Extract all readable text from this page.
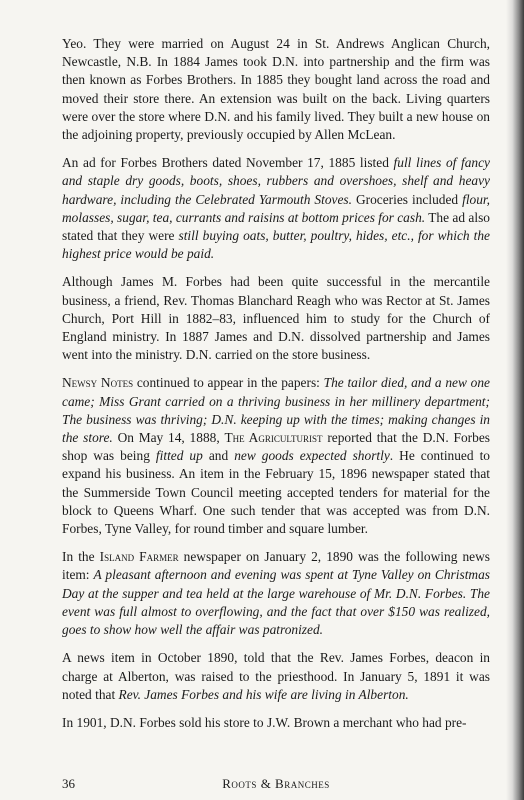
Yeo. They were married on August 24 in St. Andrews Anglican Church, Newcastle, N.B. In 1884 James took D.N. into partnership and the firm was then known as Forbes Brothers. In 1885 they bought land across the road and moved their store there. An extension was built on the back. Living quarters were over the store where D.N. and his family lived. They built a new house on the adjoining property, previously occupied by Allen McLean.

An ad for Forbes Brothers dated November 17, 1885 listed full lines of fancy and staple dry goods, boots, shoes, rubbers and overshoes, shelf and heavy hardware, including the Celebrated Yarmouth Stoves. Groceries included flour, molasses, sugar, tea, currants and raisins at bottom prices for cash. The ad also stated that they were still buying oats, butter, poultry, hides, etc., for which the highest price would be paid.

Although James M. Forbes had been quite successful in the mercantile business, a friend, Rev. Thomas Blanchard Reagh who was Rector at St. James Church, Port Hill in 1882–83, influenced him to study for the Church of England ministry. In 1887 James and D.N. dissolved partnership and James went into the ministry. D.N. carried on the store business.

Newsy Notes continued to appear in the papers: The tailor died, and a new one came; Miss Grant carried on a thriving business in her millinery department; The business was thriving; D.N. keeping up with the times; making changes in the store. On May 14, 1888, The Agriculturist reported that the D.N. Forbes shop was being fitted up and new goods expected shortly. He continued to expand his business. An item in the February 15, 1896 newspaper stated that the Summerside Town Council meeting accepted tenders for material for the block to Queens Wharf. One such tender that was accepted was from D.N. Forbes, Tyne Valley, for round timber and square lumber.

In the Island Farmer newspaper on January 2, 1890 was the following news item: A pleasant afternoon and evening was spent at Tyne Valley on Christmas Day at the supper and tea held at the large warehouse of Mr. D.N. Forbes. The event was full almost to overflowing, and the fact that over $150 was realized, goes to show how well the affair was patronized.

A news item in October 1890, told that the Rev. James Forbes, deacon in charge at Alberton, was raised to the priesthood. In January 5, 1891 it was noted that Rev. James Forbes and his wife are living in Alberton.

In 1901, D.N. Forbes sold his store to J.W. Brown a merchant who had pre-

36	Roots & Branches
